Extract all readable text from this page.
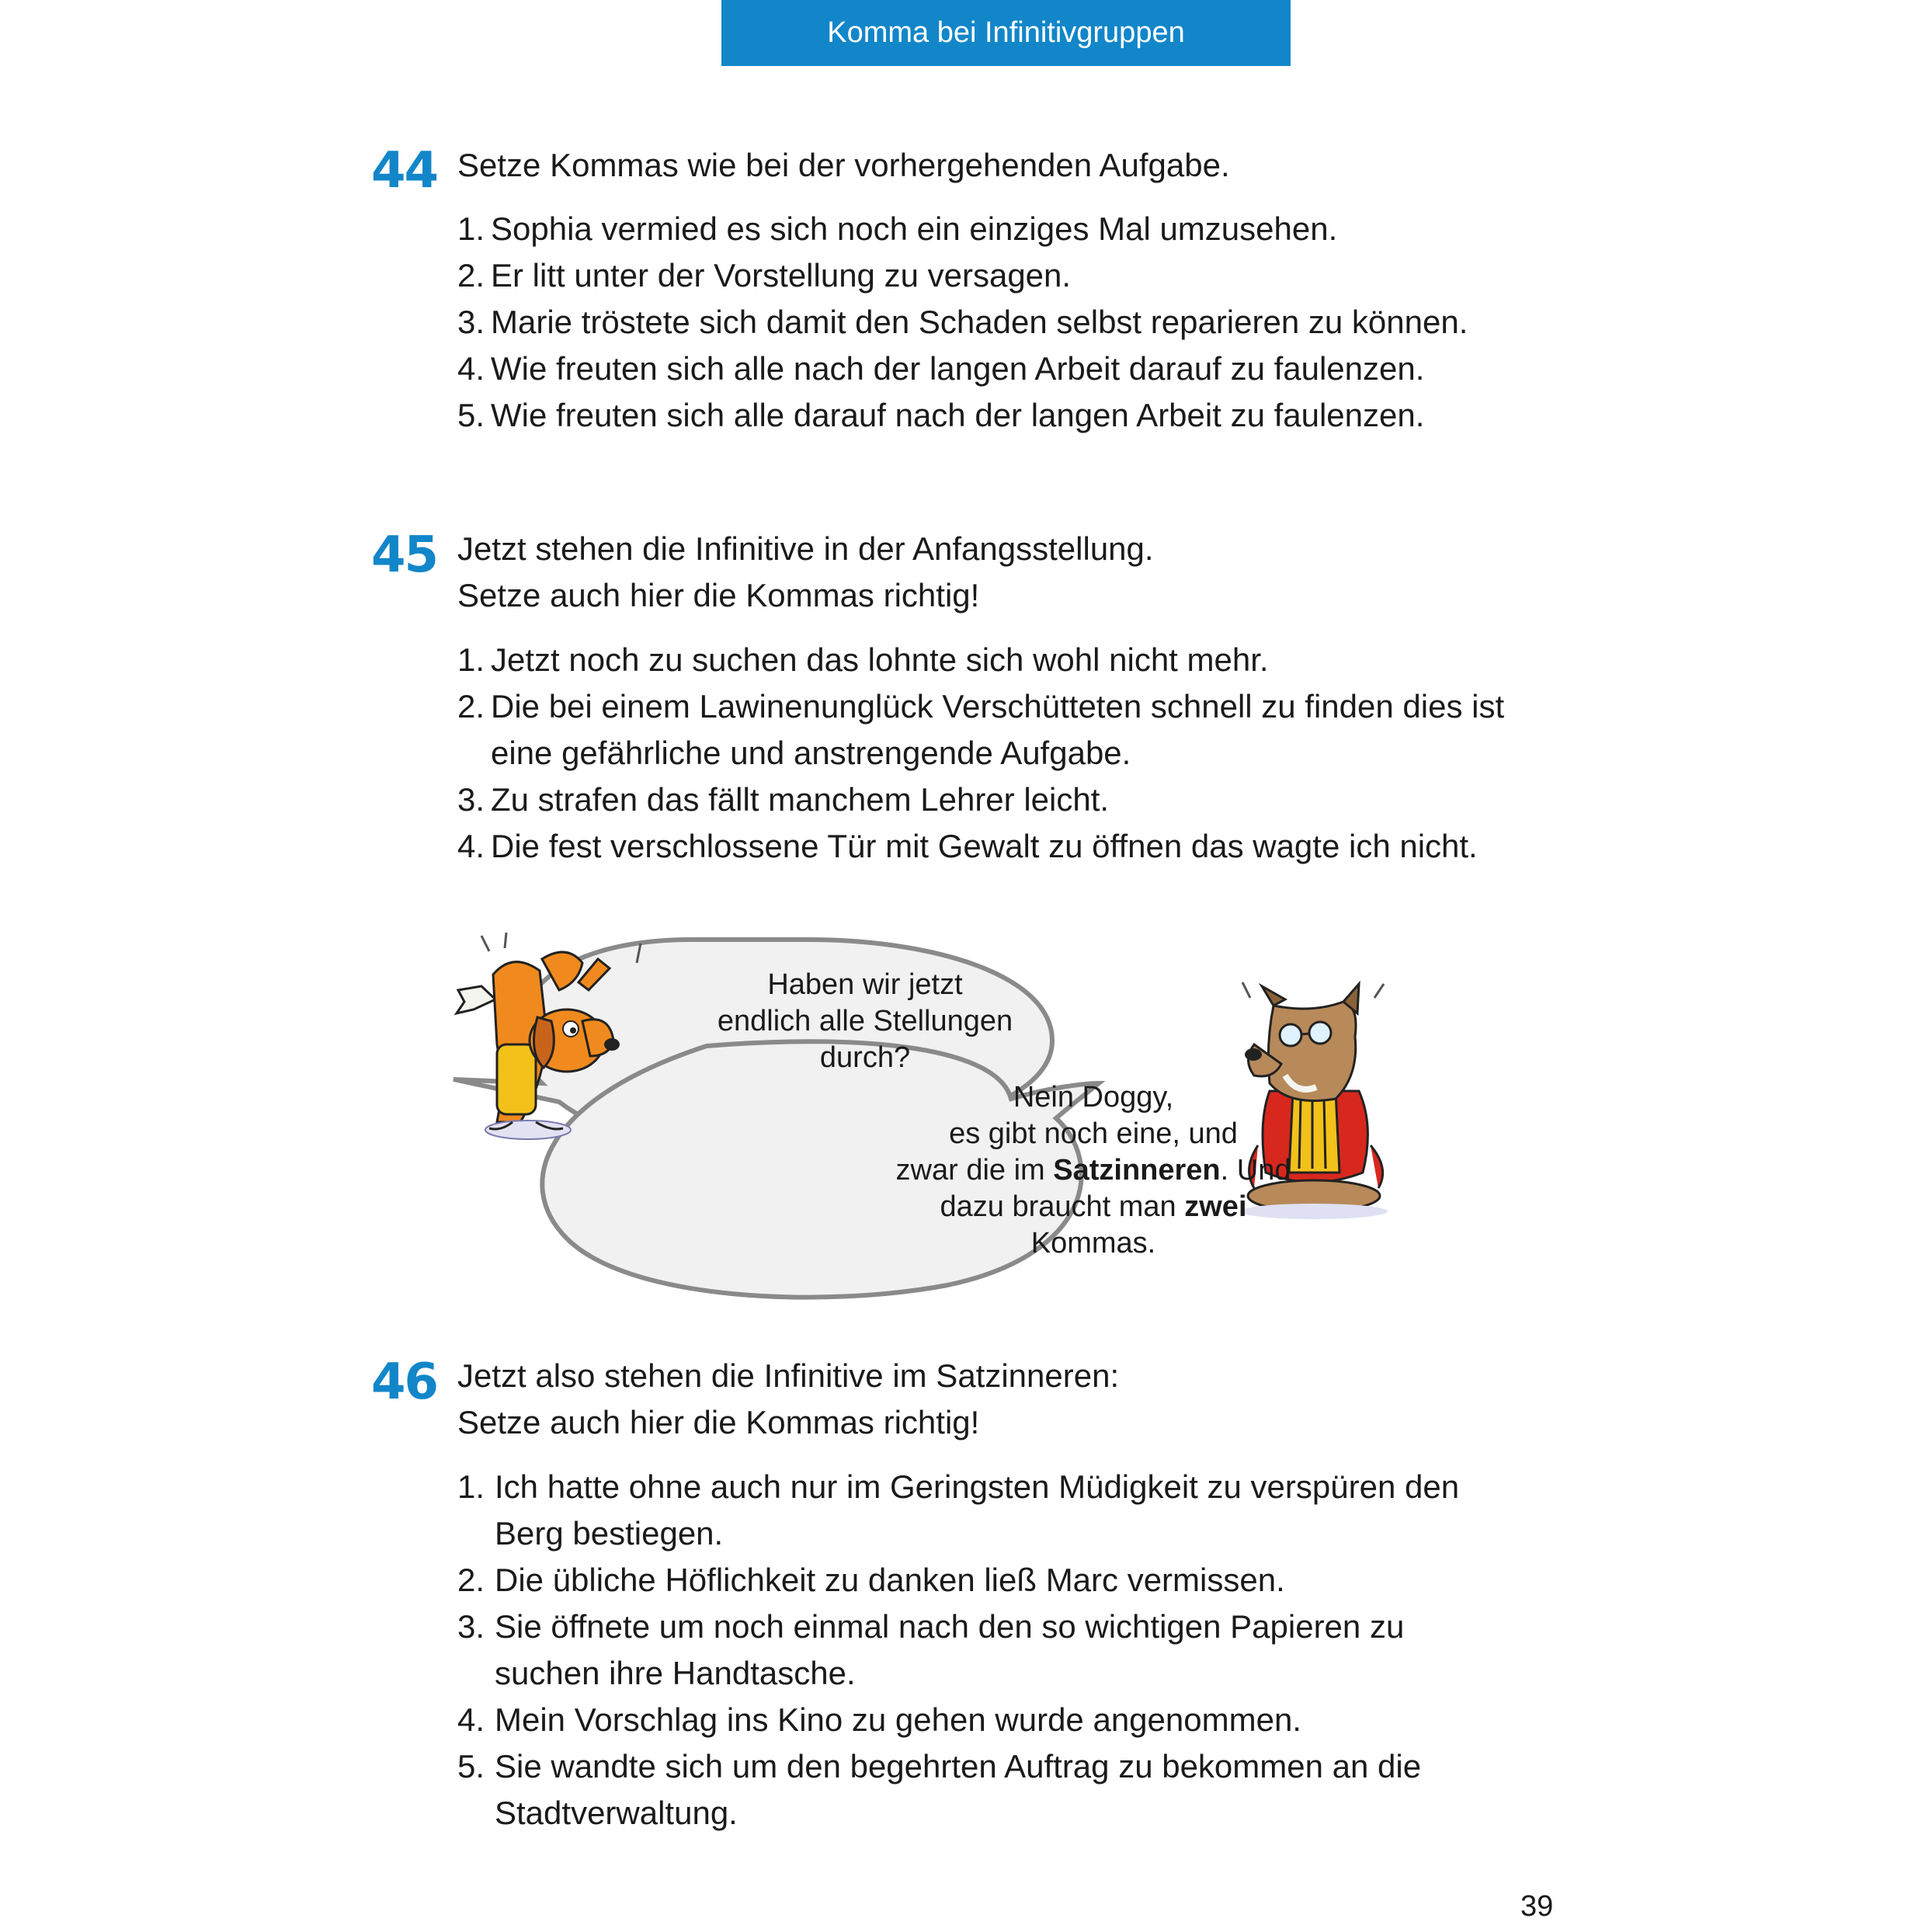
Komma bei Infinitivgruppen
44 Setze Kommas wie bei der vorhergehenden Aufgabe.

1. Sophia vermied es sich noch ein einziges Mal umzusehen.
2. Er litt unter der Vorstellung zu versagen.
3. Marie tröstete sich damit den Schaden selbst reparieren zu können.
4. Wie freuten sich alle nach der langen Arbeit darauf zu faulenzen.
5. Wie freuten sich alle darauf nach der langen Arbeit zu faulenzen.
45 Jetzt stehen die Infinitive in der Anfangsstellung.
Setze auch hier die Kommas richtig!

1. Jetzt noch zu suchen das lohnte sich wohl nicht mehr.
2. Die bei einem Lawinenunglück Verschütteten schnell zu finden dies ist
eine gefährliche und anstrengende Aufgabe.
3. Zu strafen das fällt manchem Lehrer leicht.
4. Die fest verschlossene Tür mit Gewalt zu öffnen das wagte ich nicht.
Haben wir jetzt
endlich alle Stellungen
durch?
Nein Doggy,
es gibt noch eine, und
zwar die im Satzinneren. Und
dazu braucht man zwei
Kommas.
46 Jetzt also stehen die Infinitive im Satzinneren:
Setze auch hier die Kommas richtig!

1. Ich hatte ohne auch nur im Geringsten Müdigkeit zu verspüren den
Berg bestiegen.
2. Die übliche Höflichkeit zu danken ließ Marc vermissen.
3. Sie öffnete um noch einmal nach den so wichtigen Papieren zu
suchen ihre Handtasche.
4. Mein Vorschlag ins Kino zu gehen wurde angenommen.
5. Sie wandte sich um den begehrten Auftrag zu bekommen an die
Stadtverwaltung.
39
